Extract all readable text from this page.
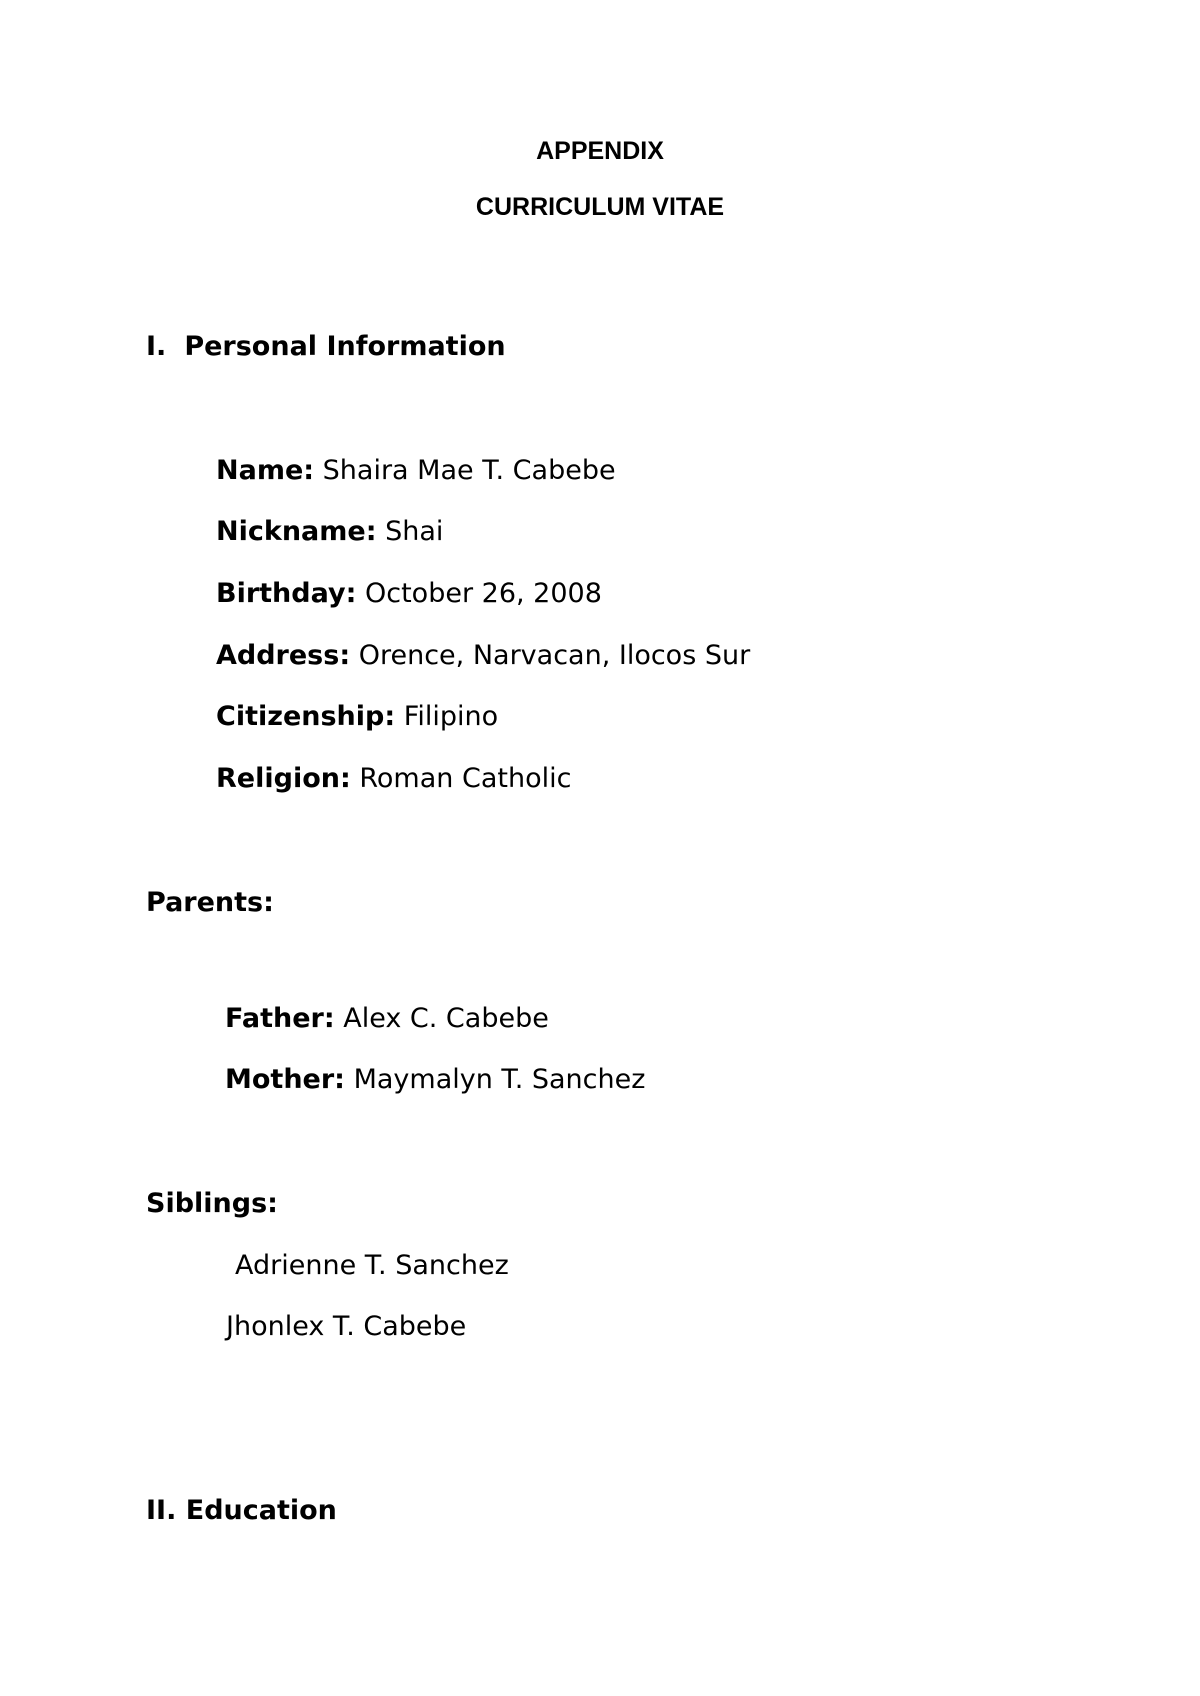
APPENDIX
CURRICULUM VITAE
I. Personal Information
Name: Shaira Mae T. Cabebe
Nickname: Shai
Birthday: October 26, 2008
Address: Orence, Narvacan, Ilocos Sur
Citizenship: Filipino
Religion: Roman Catholic
Parents:
Father: Alex C. Cabebe
Mother: Maymalyn T. Sanchez
Siblings:
Adrienne T. Sanchez
Jhonlex T. Cabebe
II. Education
